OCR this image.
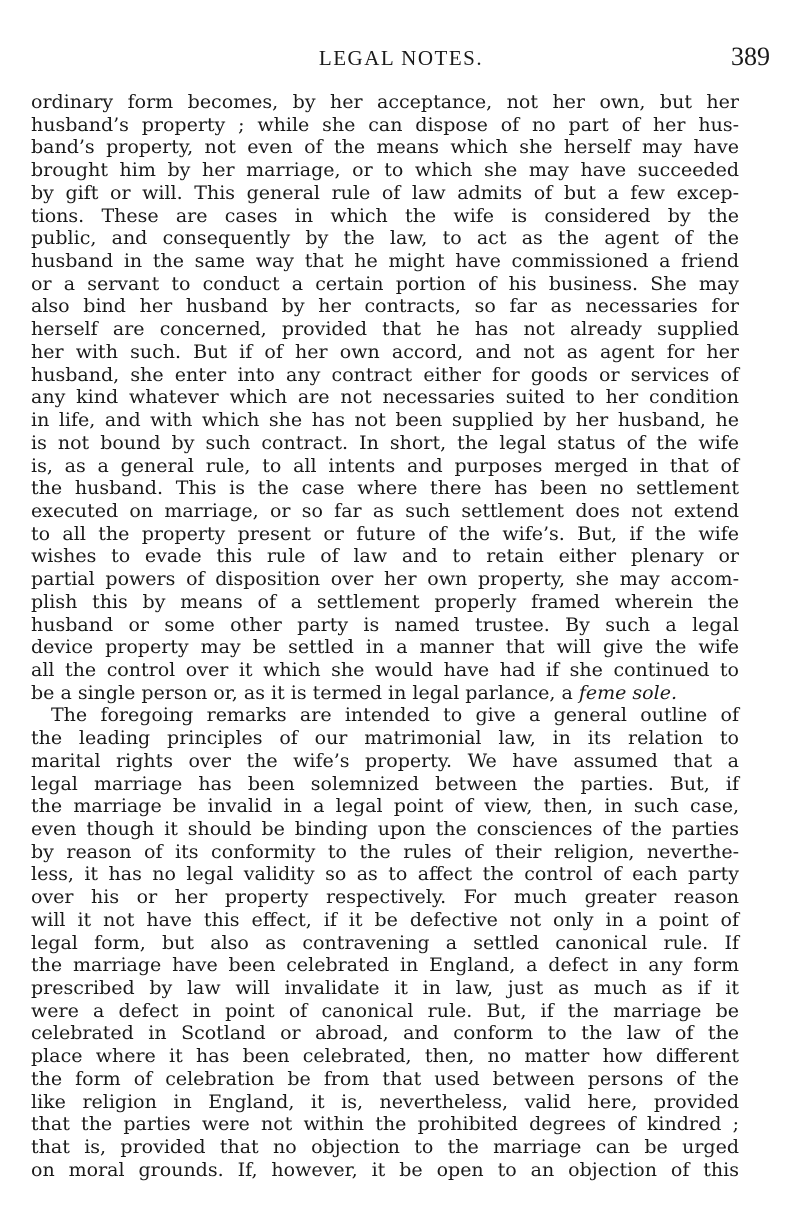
LEGAL NOTES.	389
ordinary form becomes, by her acceptance, not her own, but her
husband’s property ; while she can dispose of no part of her hus-
band’s property, not even of the means which she herself may have
brought him by her marriage, or to which she may have succeeded
by gift or will. This general rule of law admits of but a few excep-
tions. These are cases in which the wife is considered by the
public, and consequently by the law, to act as the agent of the
husband in the same way that he might have commissioned a friend
or a servant to conduct a certain portion of his business. She may
also bind her husband by her contracts, so far as necessaries for
herself are concerned, provided that he has not already supplied
her with such. But if of her own accord, and not as agent for her
husband, she enter into any contract either for goods or services of
any kind whatever which are not necessaries suited to her condition
in life, and with which she has not been supplied by her husband, he
is not bound by such contract. In short, the legal status of the wife
is, as a general rule, to all intents and purposes merged in that of
the husband. This is the case where there has been no settlement
executed on marriage, or so far as such settlement does not extend
to all the property present or future of the wife’s. But, if the wife
wishes to evade this rule of law and to retain either plenary or
partial powers of disposition over her own property, she may accom-
plish this by means of a settlement properly framed wherein the
husband or some other party is named trustee. By such a legal
device property may be settled in a manner that will give the wife
all the control over it which she would have had if she continued to
be a single person or, as it is termed in legal parlance, a feme sole.
The foregoing remarks are intended to give a general outline of
the leading principles of our matrimonial law, in its relation to
marital rights over the wife’s property. We have assumed that a
legal marriage has been solemnized between the parties. But, if
the marriage be invalid in a legal point of view, then, in such case,
even though it should be binding upon the consciences of the parties
by reason of its conformity to the rules of their religion, neverthe-
less, it has no legal validity so as to affect the control of each party
over his or her property respectively. For much greater reason
will it not have this effect, if it be defective not only in a point of
legal form, but also as contravening a settled canonical rule. If
the marriage have been celebrated in England, a defect in any form
prescribed by law will invalidate it in law, just as much as if it
were a defect in point of canonical rule. But, if the marriage be
celebrated in Scotland or abroad, and conform to the law of the
place where it has been celebrated, then, no matter how different
the form of celebration be from that used between persons of the
like religion in England, it is, nevertheless, valid here, provided
that the parties were not within the prohibited degrees of kindred ;
that is, provided that no objection to the marriage can be urged
on moral grounds. If, however, it be open to an objection of this
